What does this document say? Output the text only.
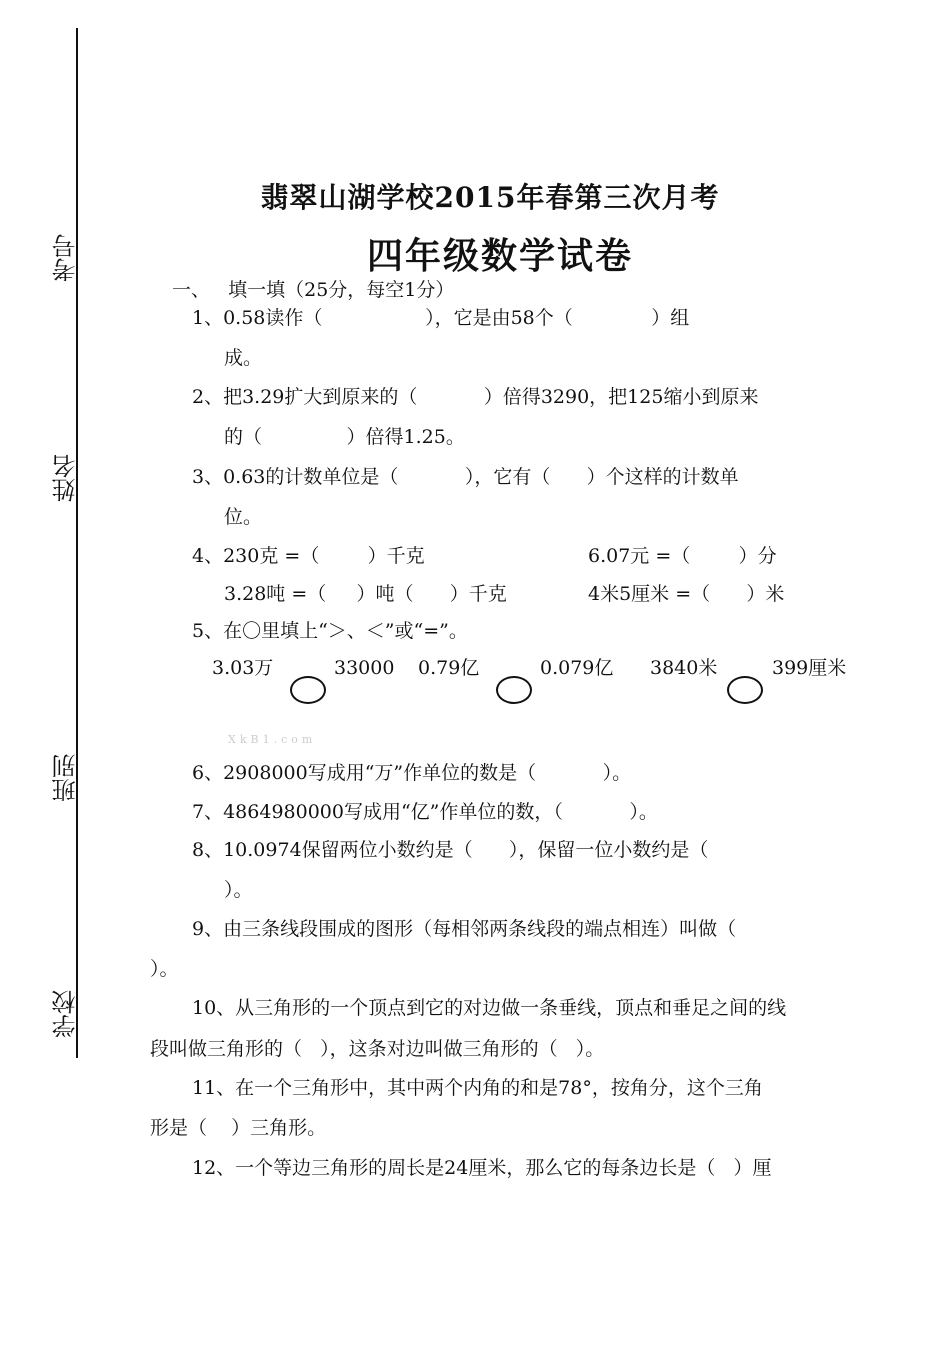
考号
姓名
班别
学校
翡翠山湖学校2015年春第三次月考
四年级数学试卷
一、   填一填（25分，每空1分）
1、0.58读作（                 ），它是由58个（             ）组
成。
2、把3.29扩大到原来的（           ）倍得3290，把125缩小到原来
的（              ）倍得1.25。
3、0.63的计数单位是（           ），它有（      ）个这样的计数单
位。
4、230克 =（        ）千克	6.07元 =（        ）分
3.28吨 =（     ）吨（      ）千克	4米5厘米 =（      ）米
5、在〇里填上“＞、＜”或“=”。
3.03万	33000 0.79亿	0.079亿 3840米	399厘米
XkB1.com
6、2908000写成用“万”作单位的数是（           ）。
7、4864980000写成用“亿”作单位的数，（           ）。
8、10.0974保留两位小数约是（      ），保留一位小数约是（
）。
9、由三条线段围成的图形（每相邻两条线段的端点相连）叫做（
）。
10、从三角形的一个顶点到它的对边做一条垂线，顶点和垂足之间的线
段叫做三角形的（   ），这条对边叫做三角形的（   ）。
11、在一个三角形中，其中两个内角的和是78°，按角分，这个三角
形是（    ）三角形。
12、一个等边三角形的周长是24厘米，那么它的每条边长是（   ）厘
